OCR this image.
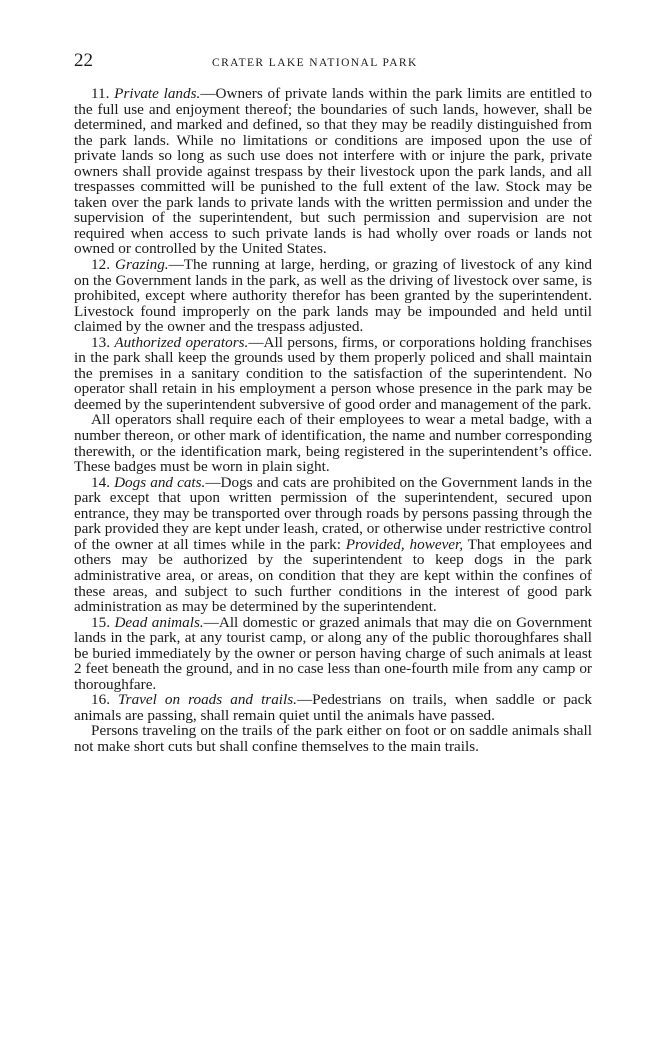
22	CRATER LAKE NATIONAL PARK

11. Private lands.—Owners of private lands within the park limits are entitled to the full use and enjoyment thereof; the boundaries of such lands, however, shall be determined, and marked and defined, so that they may be readily distinguished from the park lands. While no limitations or conditions are imposed upon the use of private lands so long as such use does not interfere with or injure the park, private owners shall provide against trespass by their livestock upon the park lands, and all trespasses committed will be punished to the full extent of the law. Stock may be taken over the park lands to private lands with the written permission and under the supervision of the superintendent, but such permission and supervision are not required when access to such private lands is had wholly over roads or lands not owned or controlled by the United States.

12. Grazing.—The running at large, herding, or grazing of livestock of any kind on the Government lands in the park, as well as the driving of livestock over same, is prohibited, except where authority therefor has been granted by the superintendent. Livestock found improperly on the park lands may be impounded and held until claimed by the owner and the trespass adjusted.

13. Authorized operators.—All persons, firms, or corporations holding franchises in the park shall keep the grounds used by them properly policed and shall maintain the premises in a sanitary condition to the satisfaction of the superintendent. No operator shall retain in his employment a person whose presence in the park may be deemed by the superintendent subversive of good order and management of the park.

All operators shall require each of their employees to wear a metal badge, with a number thereon, or other mark of identification, the name and number corresponding therewith, or the identification mark, being registered in the superintendent’s office. These badges must be worn in plain sight.

14. Dogs and cats.—Dogs and cats are prohibited on the Government lands in the park except that upon written permission of the superintendent, secured upon entrance, they may be transported over through roads by persons passing through the park provided they are kept under leash, crated, or otherwise under restrictive control of the owner at all times while in the park: Provided, however, That employees and others may be authorized by the superintendent to keep dogs in the park administrative area, or areas, on condition that they are kept within the confines of these areas, and subject to such further conditions in the interest of good park administration as may be determined by the superintendent.

15. Dead animals.—All domestic or grazed animals that may die on Government lands in the park, at any tourist camp, or along any of the public thoroughfares shall be buried immediately by the owner or person having charge of such animals at least 2 feet beneath the ground, and in no case less than one-fourth mile from any camp or thoroughfare.

16. Travel on roads and trails.—Pedestrians on trails, when saddle or pack animals are passing, shall remain quiet until the animals have passed.

Persons traveling on the trails of the park either on foot or on saddle animals shall not make short cuts but shall confine themselves to the main trails.
